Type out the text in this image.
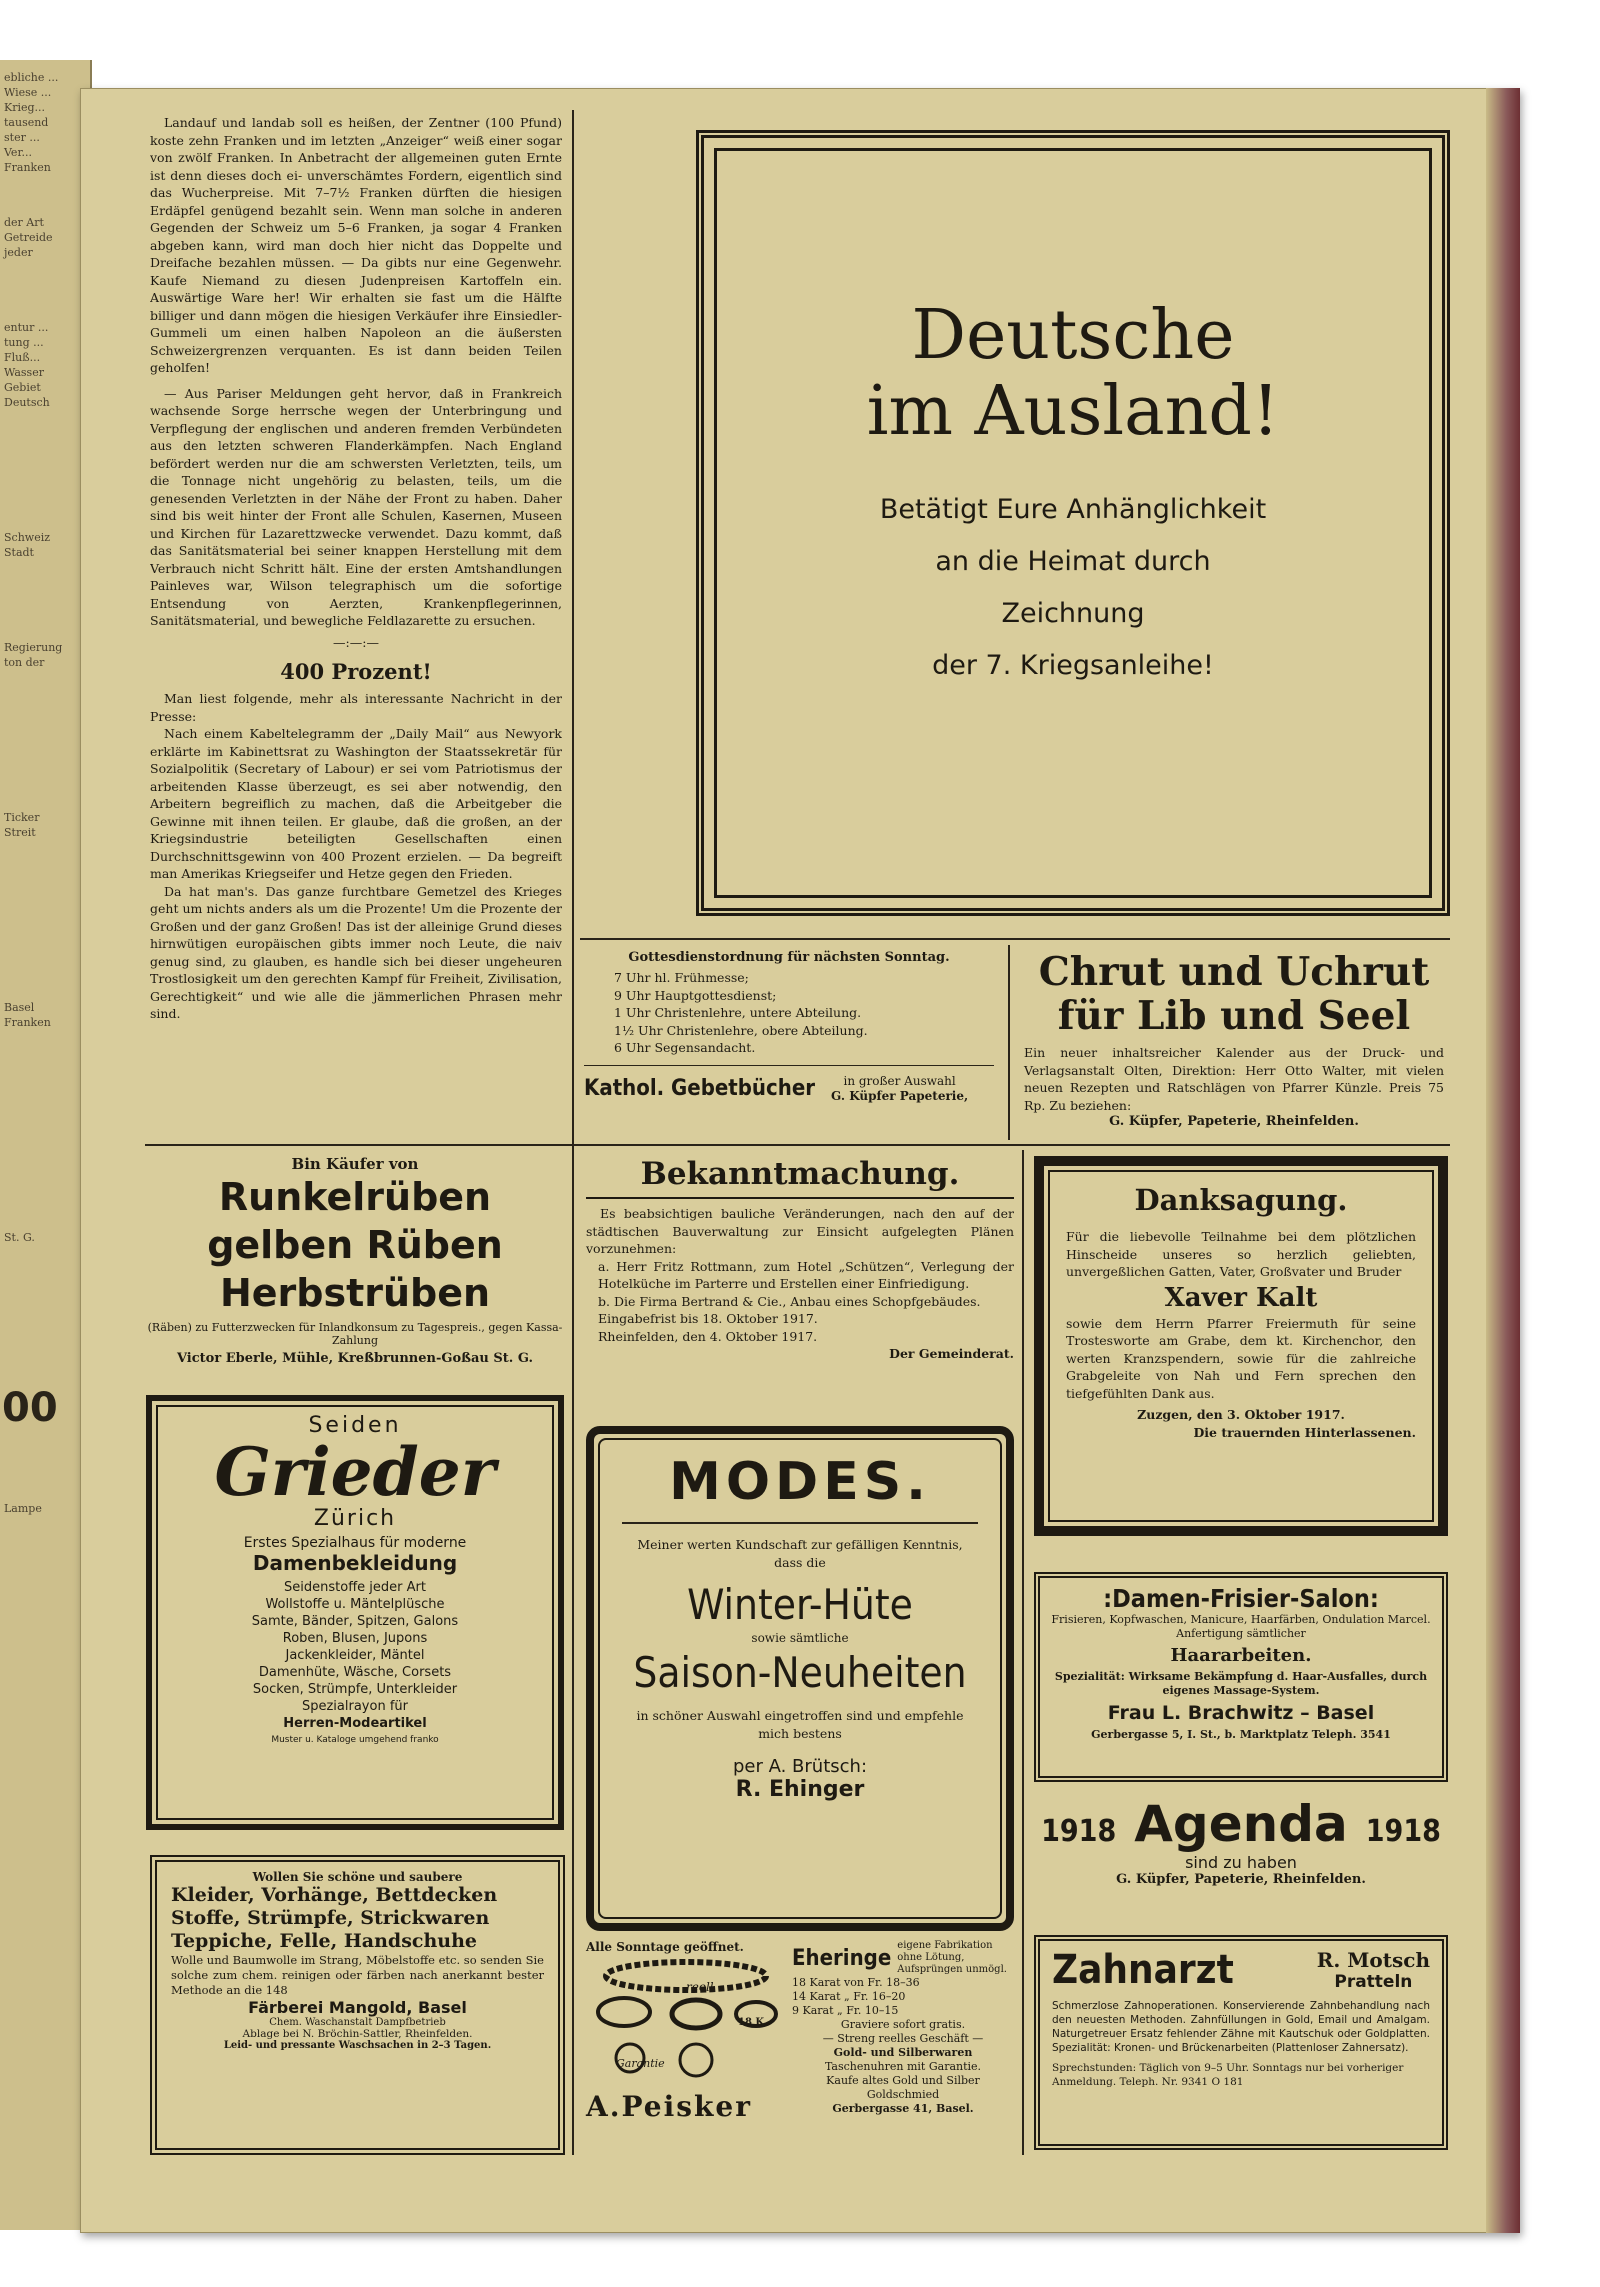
ebliche ...
Wiese ...
Krieg...
tausend
ster ...
Ver...
Franken
der Art
Getreide
jeder
entur ...
tung ...
Fluß...
Wasser
Gebiet
Deutsch
Schweiz
Stadt
Regierung
ton der
Ticker
Streit
Basel
Franken
St. G.
00
Lampe

Landauf und landab soll es heißen, der Zentner (100 Pfund) koste zehn Franken und im letzten „Anzeiger“ weiß einer sogar von zwölf Franken. In Anbetracht der allgemeinen guten Ernte ist denn dieses doch ei- unverschämtes Fordern, eigentlich sind das Wucherpreise. Mit 7–7½ Franken dürften die hiesigen Erdäpfel genügend bezahlt sein. Wenn man solche in anderen Gegenden der Schweiz um 5–6 Franken, ja sogar 4 Franken abgeben kann, wird man doch hier nicht das Doppelte und Dreifache bezahlen müssen. — Da gibts nur eine Gegenwehr. Kaufe Niemand zu diesen Judenpreisen Kartoffeln ein. Auswärtige Ware her! Wir erhalten sie fast um die Hälfte billiger und dann mögen die hiesigen Verkäufer ihre Einsiedler-Gummeli um einen halben Napoleon an die äußersten Schweizergrenzen verquanten. Es ist dann beiden Teilen geholfen!

— Aus Pariser Meldungen geht hervor, daß in Frankreich wachsende Sorge herrsche wegen der Unterbringung und Verpflegung der englischen und anderen fremden Verbündeten aus den letzten schweren Flanderkämpfen. Nach England befördert werden nur die am schwersten Verletzten, teils, um die Tonnage nicht ungehörig zu belasten, teils, um die genesenden Verletzten in der Nähe der Front zu haben. Daher sind bis weit hinter der Front alle Schulen, Kasernen, Museen und Kirchen für Lazarettzwecke verwendet. Dazu kommt, daß das Sanitätsmaterial bei seiner knappen Herstellung mit dem Verbrauch nicht Schritt hält. Eine der ersten Amtshandlungen Painleves war, Wilson telegraphisch um die sofortige Entsendung von Aerzten, Krankenpflegerinnen, Sanitätsmaterial, und bewegliche Feldlazarette zu ersuchen.

—:—:—

400 Prozent!

Man liest folgende, mehr als interessante Nachricht in der Presse:

Nach einem Kabeltelegramm der „Daily Mail“ aus Newyork erklärte im Kabinettsrat zu Washington der Staatssekretär für Sozialpolitik (Secretary of Labour) er sei vom Patriotismus der arbeitenden Klasse überzeugt, es sei aber notwendig, den Arbeitern begreiflich zu machen, daß die Arbeitgeber die Gewinne mit ihnen teilen. Er glaube, daß die großen, an der Kriegsindustrie beteiligten Gesellschaften einen Durchschnittsgewinn von 400 Prozent erzielen. — Da begreift man Amerikas Kriegseifer und Hetze gegen den Frieden.

Da hat man's. Das ganze furchtbare Gemetzel des Krieges geht um nichts anders als um die Prozente! Um die Prozente der Großen und der ganz Großen! Das ist der alleinige Grund dieses hirnwütigen europäischen gibts immer noch Leute, die naiv genug sind, zu glauben, es handle sich bei dieser ungeheuren Trostlosigkeit um den gerechten Kampf für Freiheit, Zivilisation, Gerechtigkeit“ und wie alle die jämmerlichen Phrasen mehr sind.

Deutsche
im Ausland!
Betätigt Eure Anhänglichkeit
an die Heimat durch
Zeichnung
der 7. Kriegsanleihe!
Gottesdienstordnung für nächsten Sonntag.
7 Uhr hl. Frühmesse;
9 Uhr Hauptgottesdienst;
1 Uhr Christenlehre, untere Abteilung.
1½ Uhr Christenlehre, obere Abteilung.
6 Uhr Segensandacht.
Kathol. Gebetbücher	in großer Auswahl
G. Küpfer Papeterie,
Chrut und Uchrut
für Lib und Seel

Ein neuer inhaltsreicher Kalender aus der Druck- und Verlagsanstalt Olten, Direktion: Herr Otto Walter, mit vielen neuen Rezepten und Ratschlägen von Pfarrer Künzle. Preis 75 Rp. Zu beziehen:

G. Küpfer, Papeterie, Rheinfelden.
Bin Käufer von
Runkelrüben
gelben Rüben
Herbstrüben
(Räben) zu Futterzwecken für Inlandkonsum zu Tagespreis., gegen Kassa-Zahlung
Victor Eberle, Mühle, Kreßbrunnen-Goßau St. G.
Seiden
Grieder
Zürich
Erstes Spezialhaus für moderne
Damenbekleidung
Seidenstoffe jeder Art
Wollstoffe u. Mäntelplüsche
Samte, Bänder, Spitzen, Galons
Roben, Blusen, Jupons
Jackenkleider, Mäntel
Damenhüte, Wäsche, Corsets
Socken, Strümpfe, Unterkleider
Spezialrayon für
Herren-Modeartikel
Muster u. Kataloge umgehend franko
Wollen Sie schöne und saubere
Kleider, Vorhänge, Bettdecken
Stoffe, Strümpfe, Strickwaren
Teppiche, Felle, Handschuhe

Wolle und Baumwolle im Strang, Möbelstoffe etc. so senden Sie solche zum chem. reinigen oder färben nach anerkannt bester Methode an die 148

Färberei Mangold, Basel
Chem. Waschanstalt Dampfbetrieb
Ablage bei N. Bröchin-Sattler, Rheinfelden.
Leid- und pressante Waschsachen in 2–3 Tagen.
Bekanntmachung.

Es beabsichtigen bauliche Veränderungen, nach den auf der städtischen Bauverwaltung zur Einsicht aufgelegten Plänen vorzunehmen:

a. Herr Fritz Rottmann, zum Hotel „Schützen“, Verlegung der Hotelküche im Parterre und Erstellen einer Einfriedigung.

b. Die Firma Bertrand & Cie., Anbau eines Schopfgebäudes.

Eingabefrist bis 18. Oktober 1917.

Rheinfelden, den 4. Oktober 1917.

Der Gemeinderat.

MODES.

Meiner werten Kundschaft zur gefälligen Kenntnis, dass die

Winter-Hüte
sowie sämtliche
Saison-Neuheiten

in schöner Auswahl eingetroffen sind und empfehle mich bestens

per A. Brütsch:
R. Ehinger
Alle Sonntage geöffnet.
reell
18 K
Garantie
A.Peisker
Eheringe eigene Fabrikation ohne Lötung, Aufsprüngen unmögl.
18 Karat von Fr. 18–36
14 Karat „ Fr. 16–20
9 Karat „ Fr. 10–15
Graviere sofort gratis.
— Streng reelles Geschäft —
Gold- und Silberwaren
Taschenuhren mit Garantie.
Kaufe altes Gold und Silber
Goldschmied
Gerbergasse 41, Basel.
Danksagung.

Für die liebevolle Teilnahme bei dem plötzlichen Hinscheide unseres so herzlich geliebten, unvergeßlichen Gatten, Vater, Großvater und Bruder

Xaver Kalt

sowie dem Herrn Pfarrer Freiermuth für seine Trostesworte am Grabe, dem kt. Kirchenchor, den werten Kranzspendern, sowie für die zahlreiche Grabgeleite von Nah und Fern sprechen den tiefgefühlten Dank aus.

Zuzgen, den 3. Oktober 1917.

Die trauernden Hinterlassenen.

:Damen-Frisier-Salon:
Frisieren, Kopfwaschen, Manicure, Haarfärben, Ondulation Marcel. Anfertigung sämtlicher
Haararbeiten.
Spezialität: Wirksame Bekämpfung d. Haar-Ausfalles, durch eigenes Massage-System.
Frau L. Brachwitz – Basel
Gerbergasse 5, I. St., b. Marktplatz Teleph. 3541
1918 Agenda 1918
sind zu haben
G. Küpfer, Papeterie, Rheinfelden.
Zahnarzt	R. Motsch
Pratteln

Schmerzlose Zahnoperationen. Konservierende Zahnbehandlung nach den neuesten Methoden. Zahnfüllungen in Gold, Email und Amalgam. Naturgetreuer Ersatz fehlender Zähne mit Kautschuk oder Goldplatten. Spezialität: Kronen- und Brückenarbeiten (Plattenloser Zahnersatz).

Sprechstunden: Täglich von 9–5 Uhr. Sonntags nur bei vorheriger Anmeldung. Teleph. Nr. 9341 O 181
